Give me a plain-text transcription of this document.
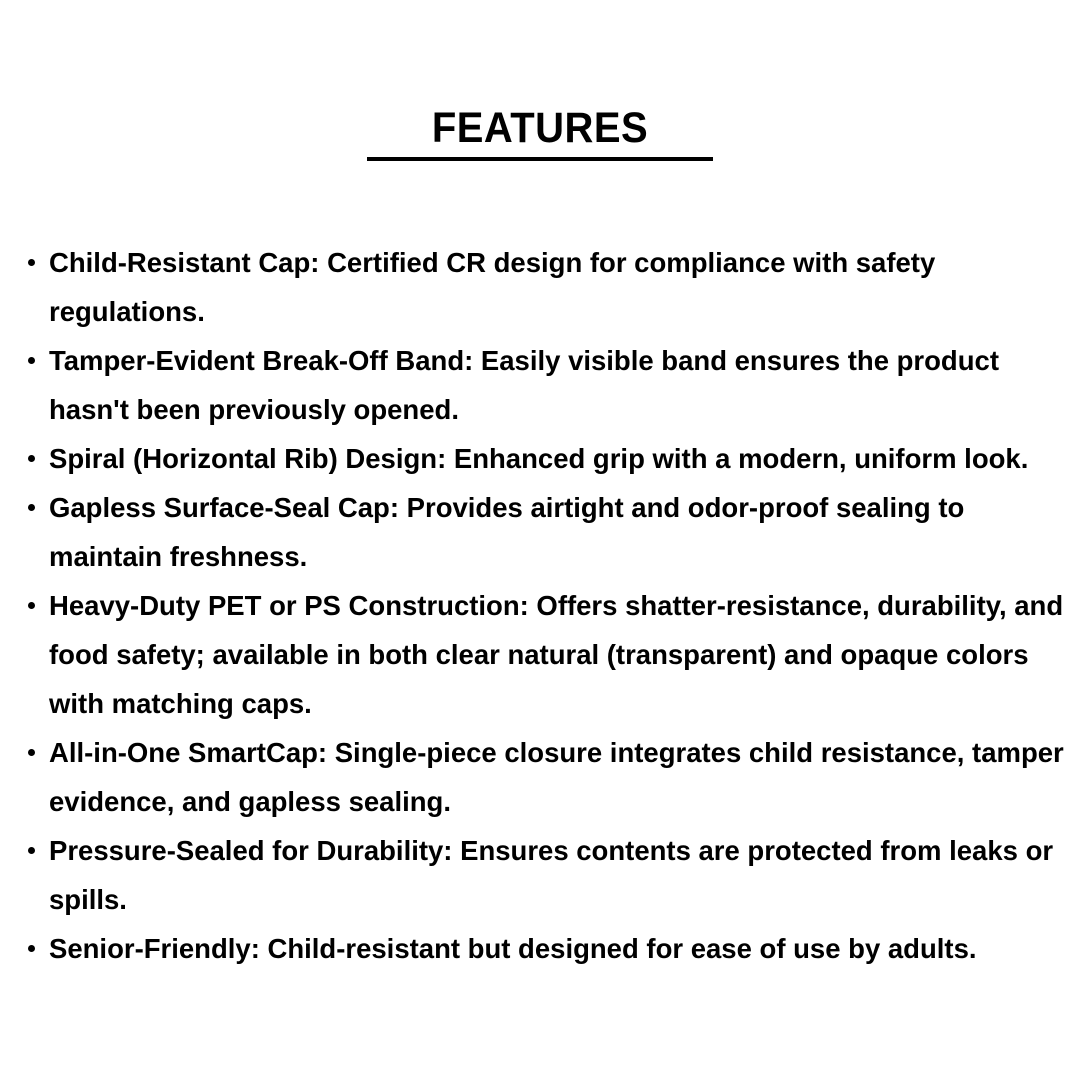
FEATURES
Child-Resistant Cap: Certified CR design for compliance with safety regulations.
Tamper-Evident Break-Off Band: Easily visible band ensures the product hasn't been previously opened.
Spiral (Horizontal Rib) Design: Enhanced grip with a modern, uniform look.
Gapless Surface-Seal Cap: Provides airtight and odor-proof sealing to maintain freshness.
Heavy-Duty PET or PS Construction: Offers shatter-resistance, durability, and food safety; available in both clear natural (transparent) and opaque colors with matching caps.
All-in-One SmartCap: Single-piece closure integrates child resistance, tamper evidence, and gapless sealing.
Pressure-Sealed for Durability: Ensures contents are protected from leaks or spills.
Senior-Friendly: Child-resistant but designed for ease of use by adults.
